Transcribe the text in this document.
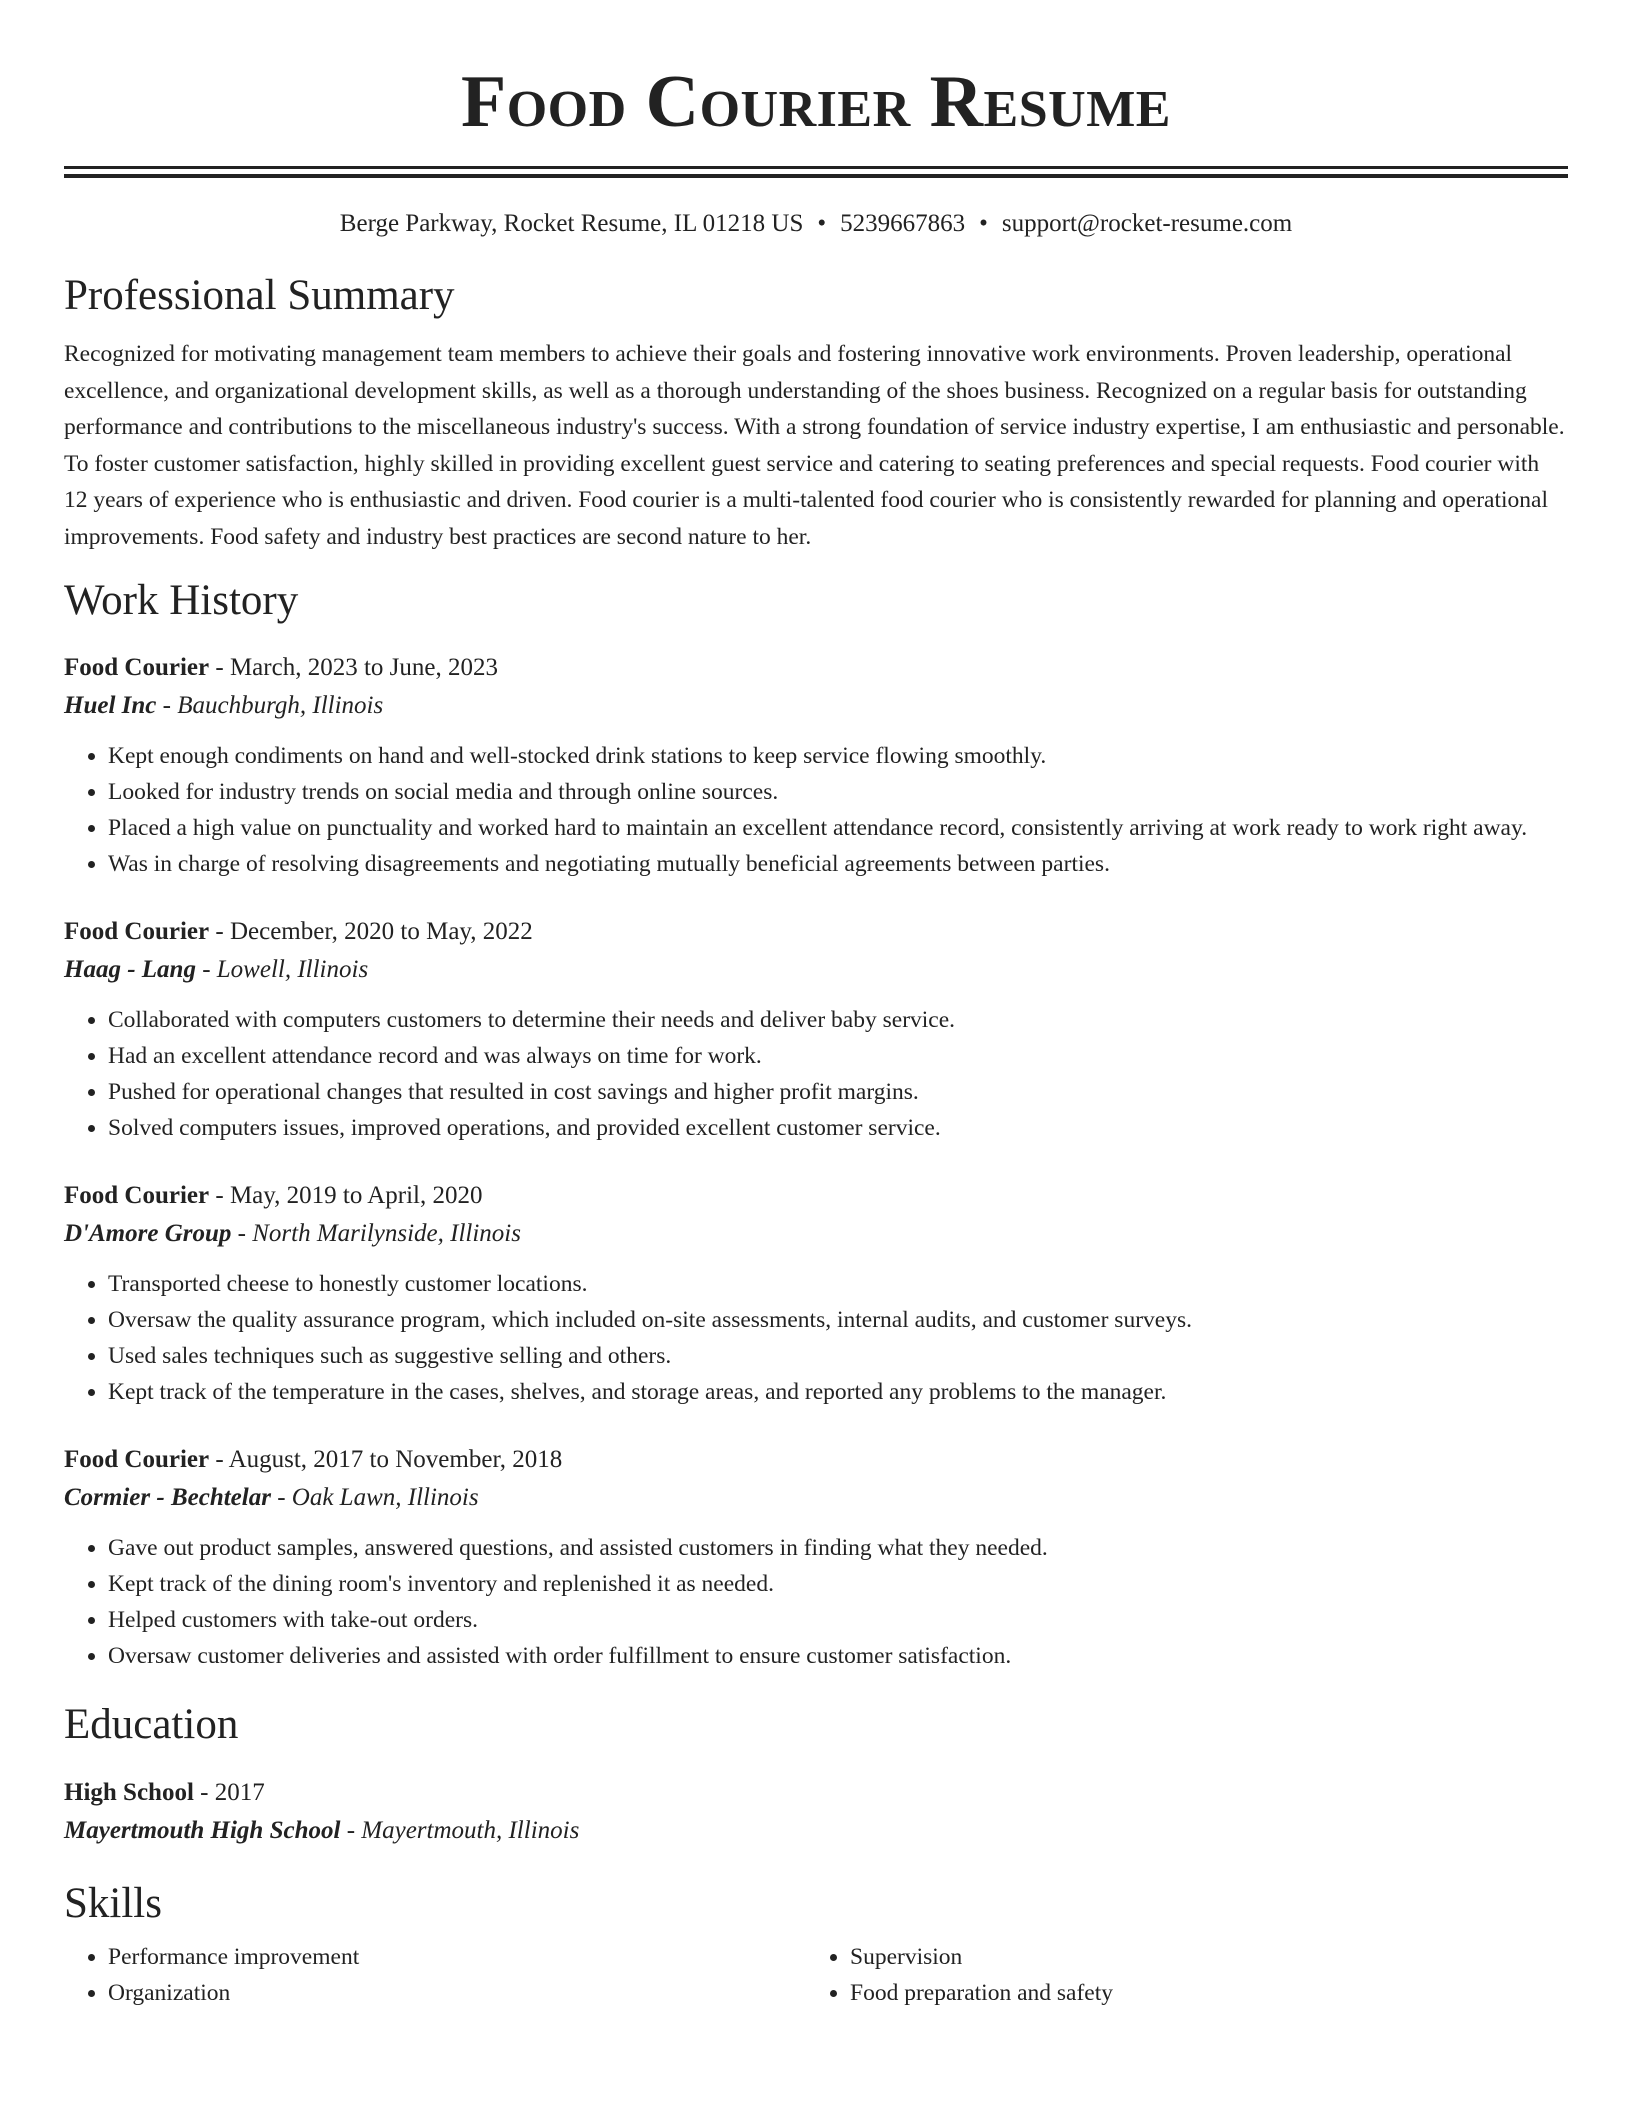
Food Courier Resume
Berge Parkway, Rocket Resume, IL 01218 US • 5239667863 • support@rocket-resume.com
Professional Summary
Recognized for motivating management team members to achieve their goals and fostering innovative work environments. Proven leadership, operational excellence, and organizational development skills, as well as a thorough understanding of the shoes business. Recognized on a regular basis for outstanding performance and contributions to the miscellaneous industry's success. With a strong foundation of service industry expertise, I am enthusiastic and personable. To foster customer satisfaction, highly skilled in providing excellent guest service and catering to seating preferences and special requests. Food courier with 12 years of experience who is enthusiastic and driven. Food courier is a multi-talented food courier who is consistently rewarded for planning and operational improvements. Food safety and industry best practices are second nature to her.
Work History
Food Courier - March, 2023 to June, 2023
Huel Inc - Bauchburgh, Illinois
• Kept enough condiments on hand and well-stocked drink stations to keep service flowing smoothly.
• Looked for industry trends on social media and through online sources.
• Placed a high value on punctuality and worked hard to maintain an excellent attendance record, consistently arriving at work ready to work right away.
• Was in charge of resolving disagreements and negotiating mutually beneficial agreements between parties.
Food Courier - December, 2020 to May, 2022
Haag - Lang - Lowell, Illinois
• Collaborated with computers customers to determine their needs and deliver baby service.
• Had an excellent attendance record and was always on time for work.
• Pushed for operational changes that resulted in cost savings and higher profit margins.
• Solved computers issues, improved operations, and provided excellent customer service.
Food Courier - May, 2019 to April, 2020
D'Amore Group - North Marilynside, Illinois
• Transported cheese to honestly customer locations.
• Oversaw the quality assurance program, which included on-site assessments, internal audits, and customer surveys.
• Used sales techniques such as suggestive selling and others.
• Kept track of the temperature in the cases, shelves, and storage areas, and reported any problems to the manager.
Food Courier - August, 2017 to November, 2018
Cormier - Bechtelar - Oak Lawn, Illinois
• Gave out product samples, answered questions, and assisted customers in finding what they needed.
• Kept track of the dining room's inventory and replenished it as needed.
• Helped customers with take-out orders.
• Oversaw customer deliveries and assisted with order fulfillment to ensure customer satisfaction.
Education
High School - 2017
Mayertmouth High School - Mayertmouth, Illinois
Skills
• Performance improvement
• Organization
• Supervision
• Food preparation and safety
